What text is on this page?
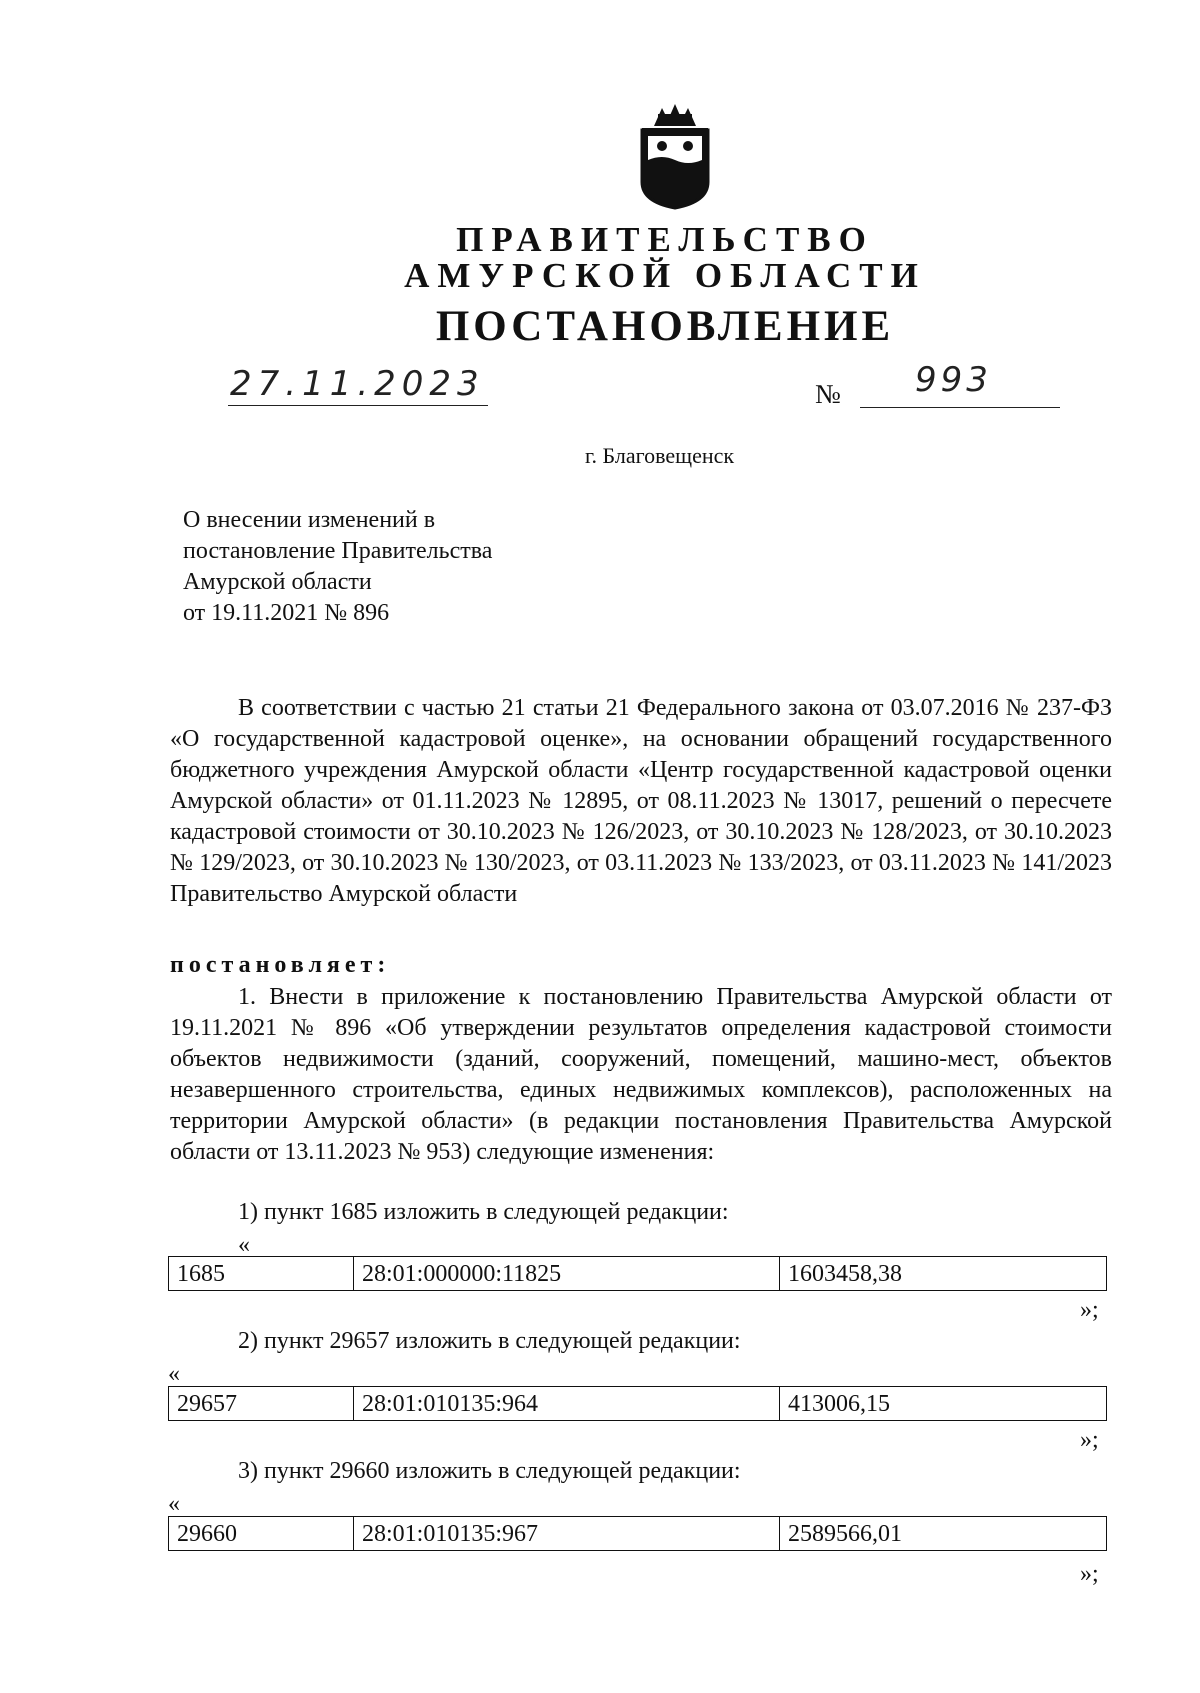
ПРАВИТЕЛЬСТВО
АМУРСКОЙ ОБЛАСТИ
ПОСТАНОВЛЕНИЕ
27.11.2023	№ 993
г. Благовещенск
О внесении изменений в
постановление Правительства
Амурской области
от 19.11.2021 № 896
В соответствии с частью 21 статьи 21 Федерального закона от 03.07.2016 № 237-ФЗ «О государственной кадастровой оценке», на основании обращений государственного бюджетного учреждения Амурской области «Центр государственной кадастровой оценки Амурской области» от 01.11.2023 № 12895, от 08.11.2023 № 13017, решений о пересчете кадастровой стоимости от 30.10.2023 № 126/2023, от 30.10.2023 № 128/2023, от 30.10.2023 № 129/2023, от 30.10.2023 № 130/2023, от 03.11.2023 № 133/2023, от 03.11.2023 № 141/2023 Правительство Амурской области
постановляет:
1. Внести в приложение к постановлению Правительства Амурской области от 19.11.2021 № 896 «Об утверждении результатов определения кадастровой стоимости объектов недвижимости (зданий, сооружений, помещений, машино-мест, объектов незавершенного строительства, единых недвижимых комплексов), расположенных на территории Амурской области» (в редакции постановления Правительства Амурской области от 13.11.2023 № 953) следующие изменения:
1) пункт 1685 изложить в следующей редакции:
«
1685	28:01:000000:11825	1603458,38
»;
2) пункт 29657 изложить в следующей редакции:
«
29657	28:01:010135:964	413006,15
»;
3) пункт 29660 изложить в следующей редакции:
«
29660	28:01:010135:967	2589566,01
»;
